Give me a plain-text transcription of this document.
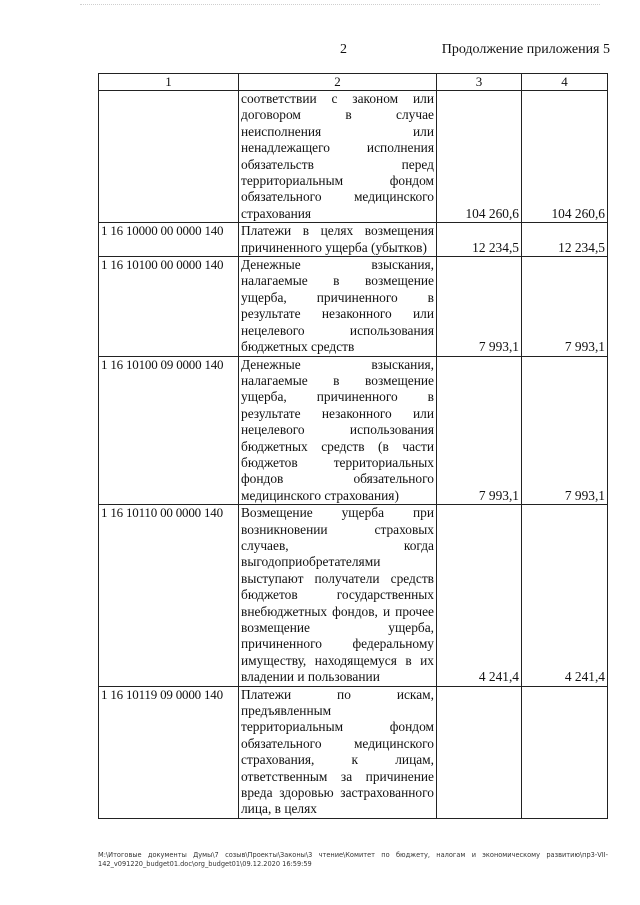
2	Продолжение приложения 5
1	2	3	4
	соответствии с законом или договором в случае неисполнения или ненадлежащего исполнения обязательств перед территориальным фондом обязательного медицинского страхования	104 260,6	104 260,6
1 16 10000 00 0000 140	Платежи в целях возмещения причиненного ущерба (убытков)	12 234,5	12 234,5
1 16 10100 00 0000 140	Денежные взыскания, налагаемые в возмещение ущерба, причиненного в результате незаконного или нецелевого использования бюджетных средств	7 993,1	7 993,1
1 16 10100 09 0000 140	Денежные взыскания, налагаемые в возмещение ущерба, причиненного в результате незаконного или нецелевого использования бюджетных средств (в части бюджетов территориальных фондов обязательного медицинского страхования)	7 993,1	7 993,1
1 16 10110 00 0000 140	Возмещение ущерба при возникновении страховых случаев, когда выгодоприобретателями выступают получатели средств бюджетов государственных внебюджетных фондов, и прочее возмещение ущерба, причиненного федеральному имуществу, находящемуся в их владении и пользовании	4 241,4	4 241,4
1 16 10119 09 0000 140	Платежи по искам, предъявленным территориальным фондом обязательного медицинского страхования, к лицам, ответственным за причинение вреда здоровью застрахованного лица, в целях		
M:\Итоговые документы Думы\7 созыв\Проекты\Законы\3 чтение\Комитет по бюджету, налогам и экономическому развитию\пр3-VII-142_v091220_budget01.doc\org_budget01\09.12.2020 16:59:59
